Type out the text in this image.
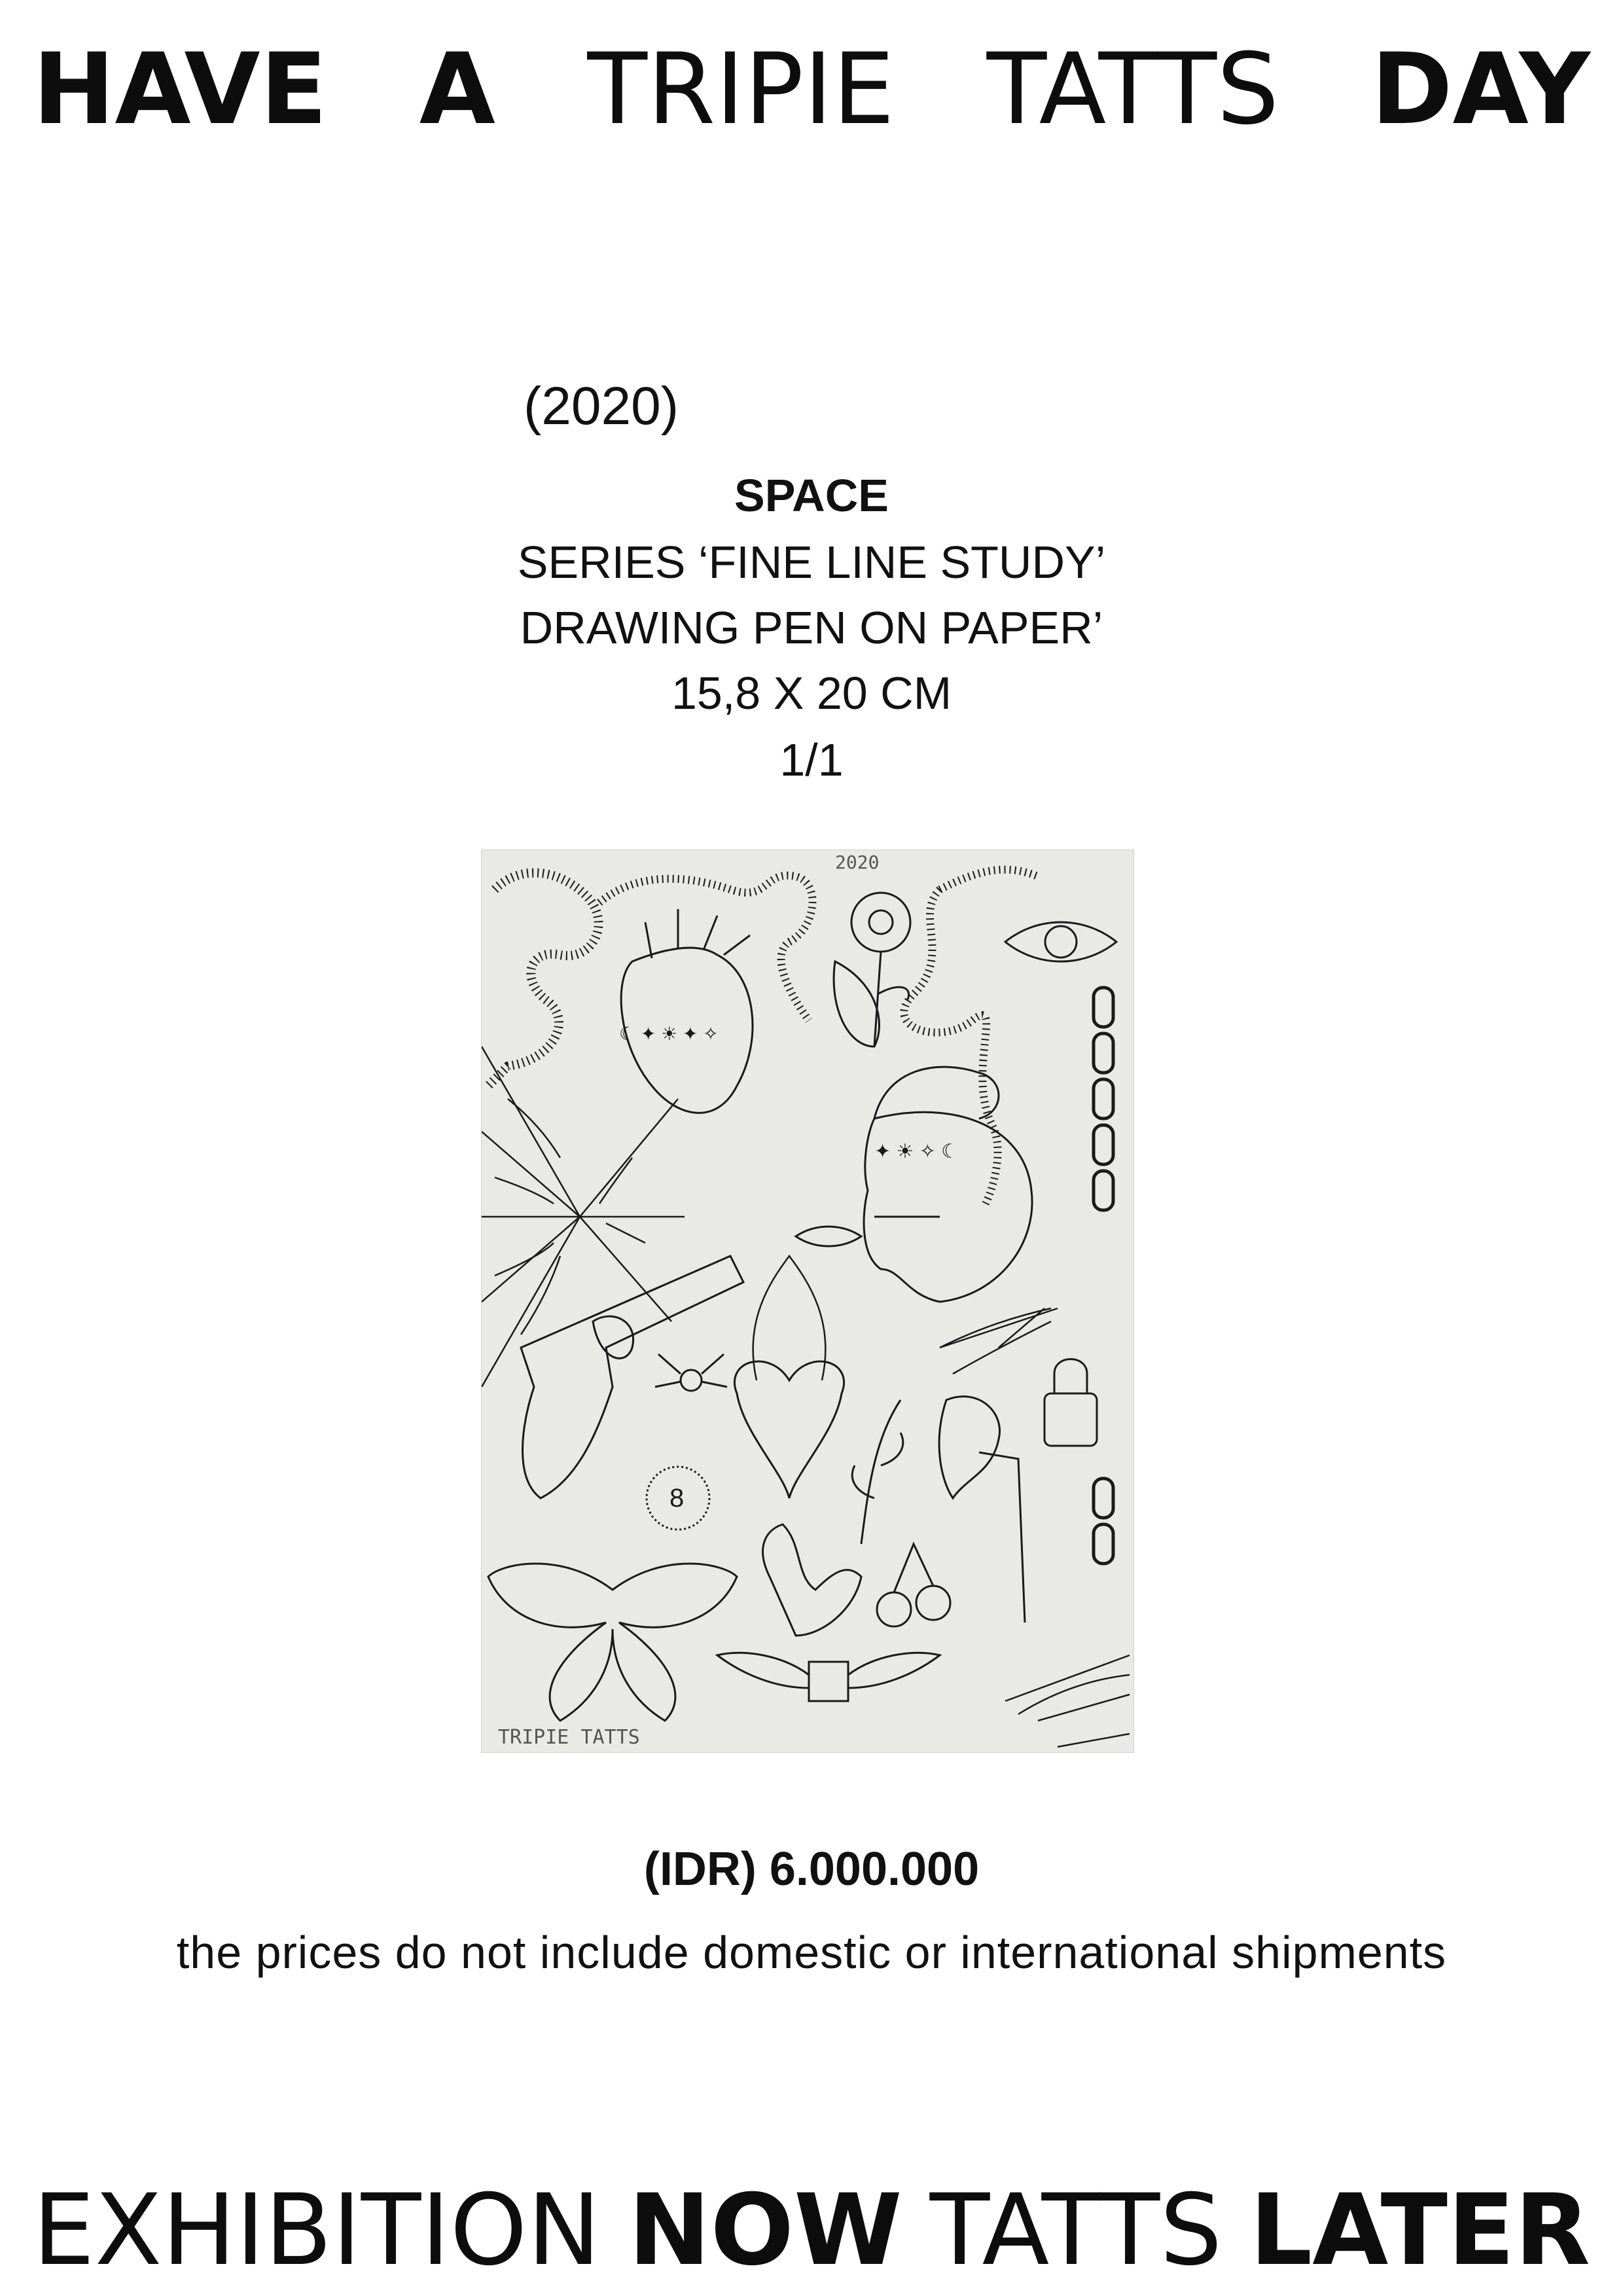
HAVE A TRIPIE TATTS DAY
(2020)
SPACE
SERIES ‘FINE LINE STUDY’
DRAWING PEN ON PAPER’
15,8 X 20 CM
1/1
2020
☾ ✦ ☀ ✦ ✧
✦ ☀ ✧ ☾
8
TRIPIE TATTS
(IDR) 6.000.000
the prices do not include domestic or international shipments
EXHIBITION NOW TATTS LATER
